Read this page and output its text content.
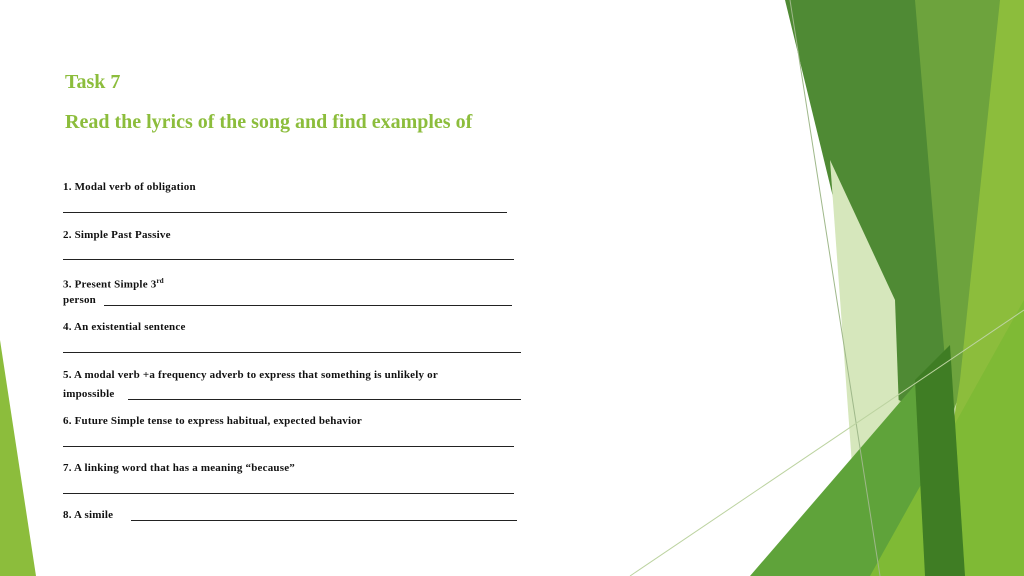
Task 7
Read the lyrics of the song and find examples of

1. Modal verb of obligation

2. Simple Past Passive

3. Present Simple 3rd

person

4. An existential sentence

5. A modal verb +a frequency adverb to express that something is unlikely or

impossible

6. Future Simple tense to express habitual, expected behavior

7. A linking word that has a meaning “because”

8. A simile
